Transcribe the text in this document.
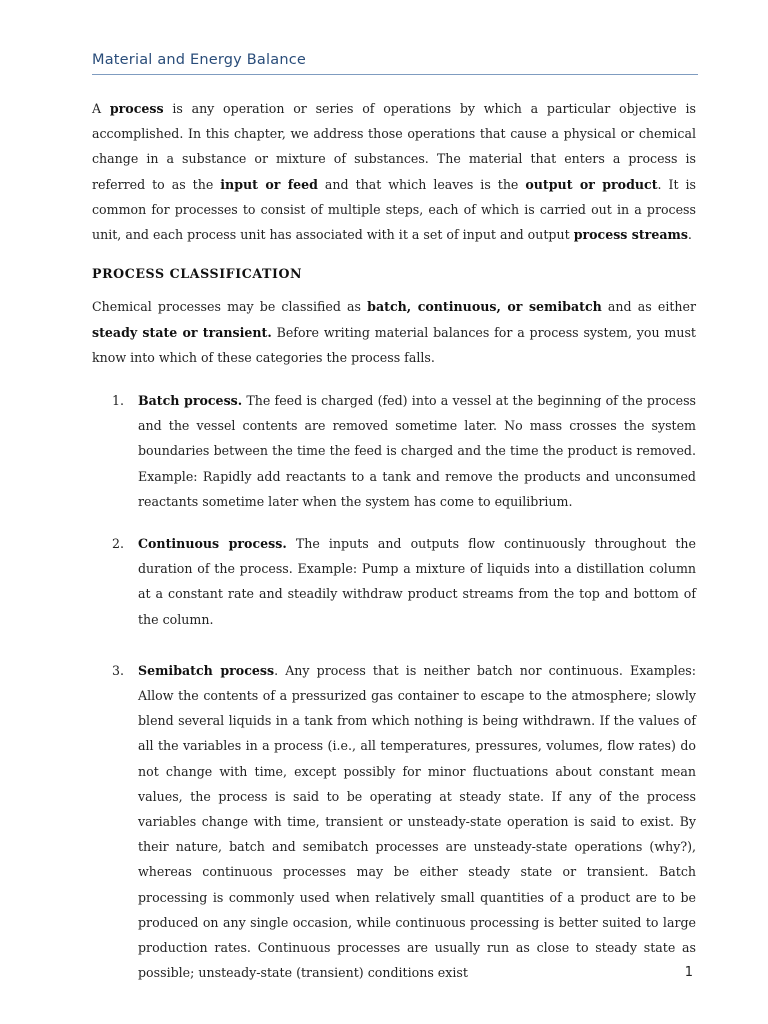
Material and Energy Balance

A process is any operation or series of operations by which a particular objective is accomplished. In this chapter, we address those operations that cause a physical or chemical change in a substance or mixture of substances. The material that enters a process is referred to as the input or feed and that which leaves is the output or product. It is common for processes to consist of multiple steps, each of which is carried out in a process unit, and each process unit has associated with it a set of input and output process streams.

PROCESS CLASSIFICATION

Chemical processes may be classified as batch, continuous, or semibatch and as either steady state or transient. Before writing material balances for a process system, you must know into which of these categories the process falls.

1. Batch process. The feed is charged (fed) into a vessel at the beginning of the process and the vessel contents are removed sometime later. No mass crosses the system boundaries between the time the feed is charged and the time the product is removed. Example: Rapidly add reactants to a tank and remove the products and unconsumed reactants sometime later when the system has come to equilibrium.
2. Continuous process. The inputs and outputs flow continuously throughout the duration of the process. Example: Pump a mixture of liquids into a distillation column at a constant rate and steadily withdraw product streams from the top and bottom of the column.
3. Semibatch process. Any process that is neither batch nor continuous. Examples: Allow the contents of a pressurized gas container to escape to the atmosphere; slowly blend several liquids in a tank from which nothing is being withdrawn. If the values of all the variables in a process (i.e., all temperatures, pressures, volumes, flow rates) do not change with time, except possibly for minor fluctuations about constant mean values, the process is said to be operating at steady state. If any of the process variables change with time, transient or unsteady-state operation is said to exist. By their nature, batch and semibatch processes are unsteady-state operations (why?), whereas continuous processes may be either steady state or transient. Batch processing is commonly used when relatively small quantities of a product are to be produced on any single occasion, while continuous processing is better suited to large production rates. Continuous processes are usually run as close to steady state as possible; unsteady-state (transient) conditions exist	1
